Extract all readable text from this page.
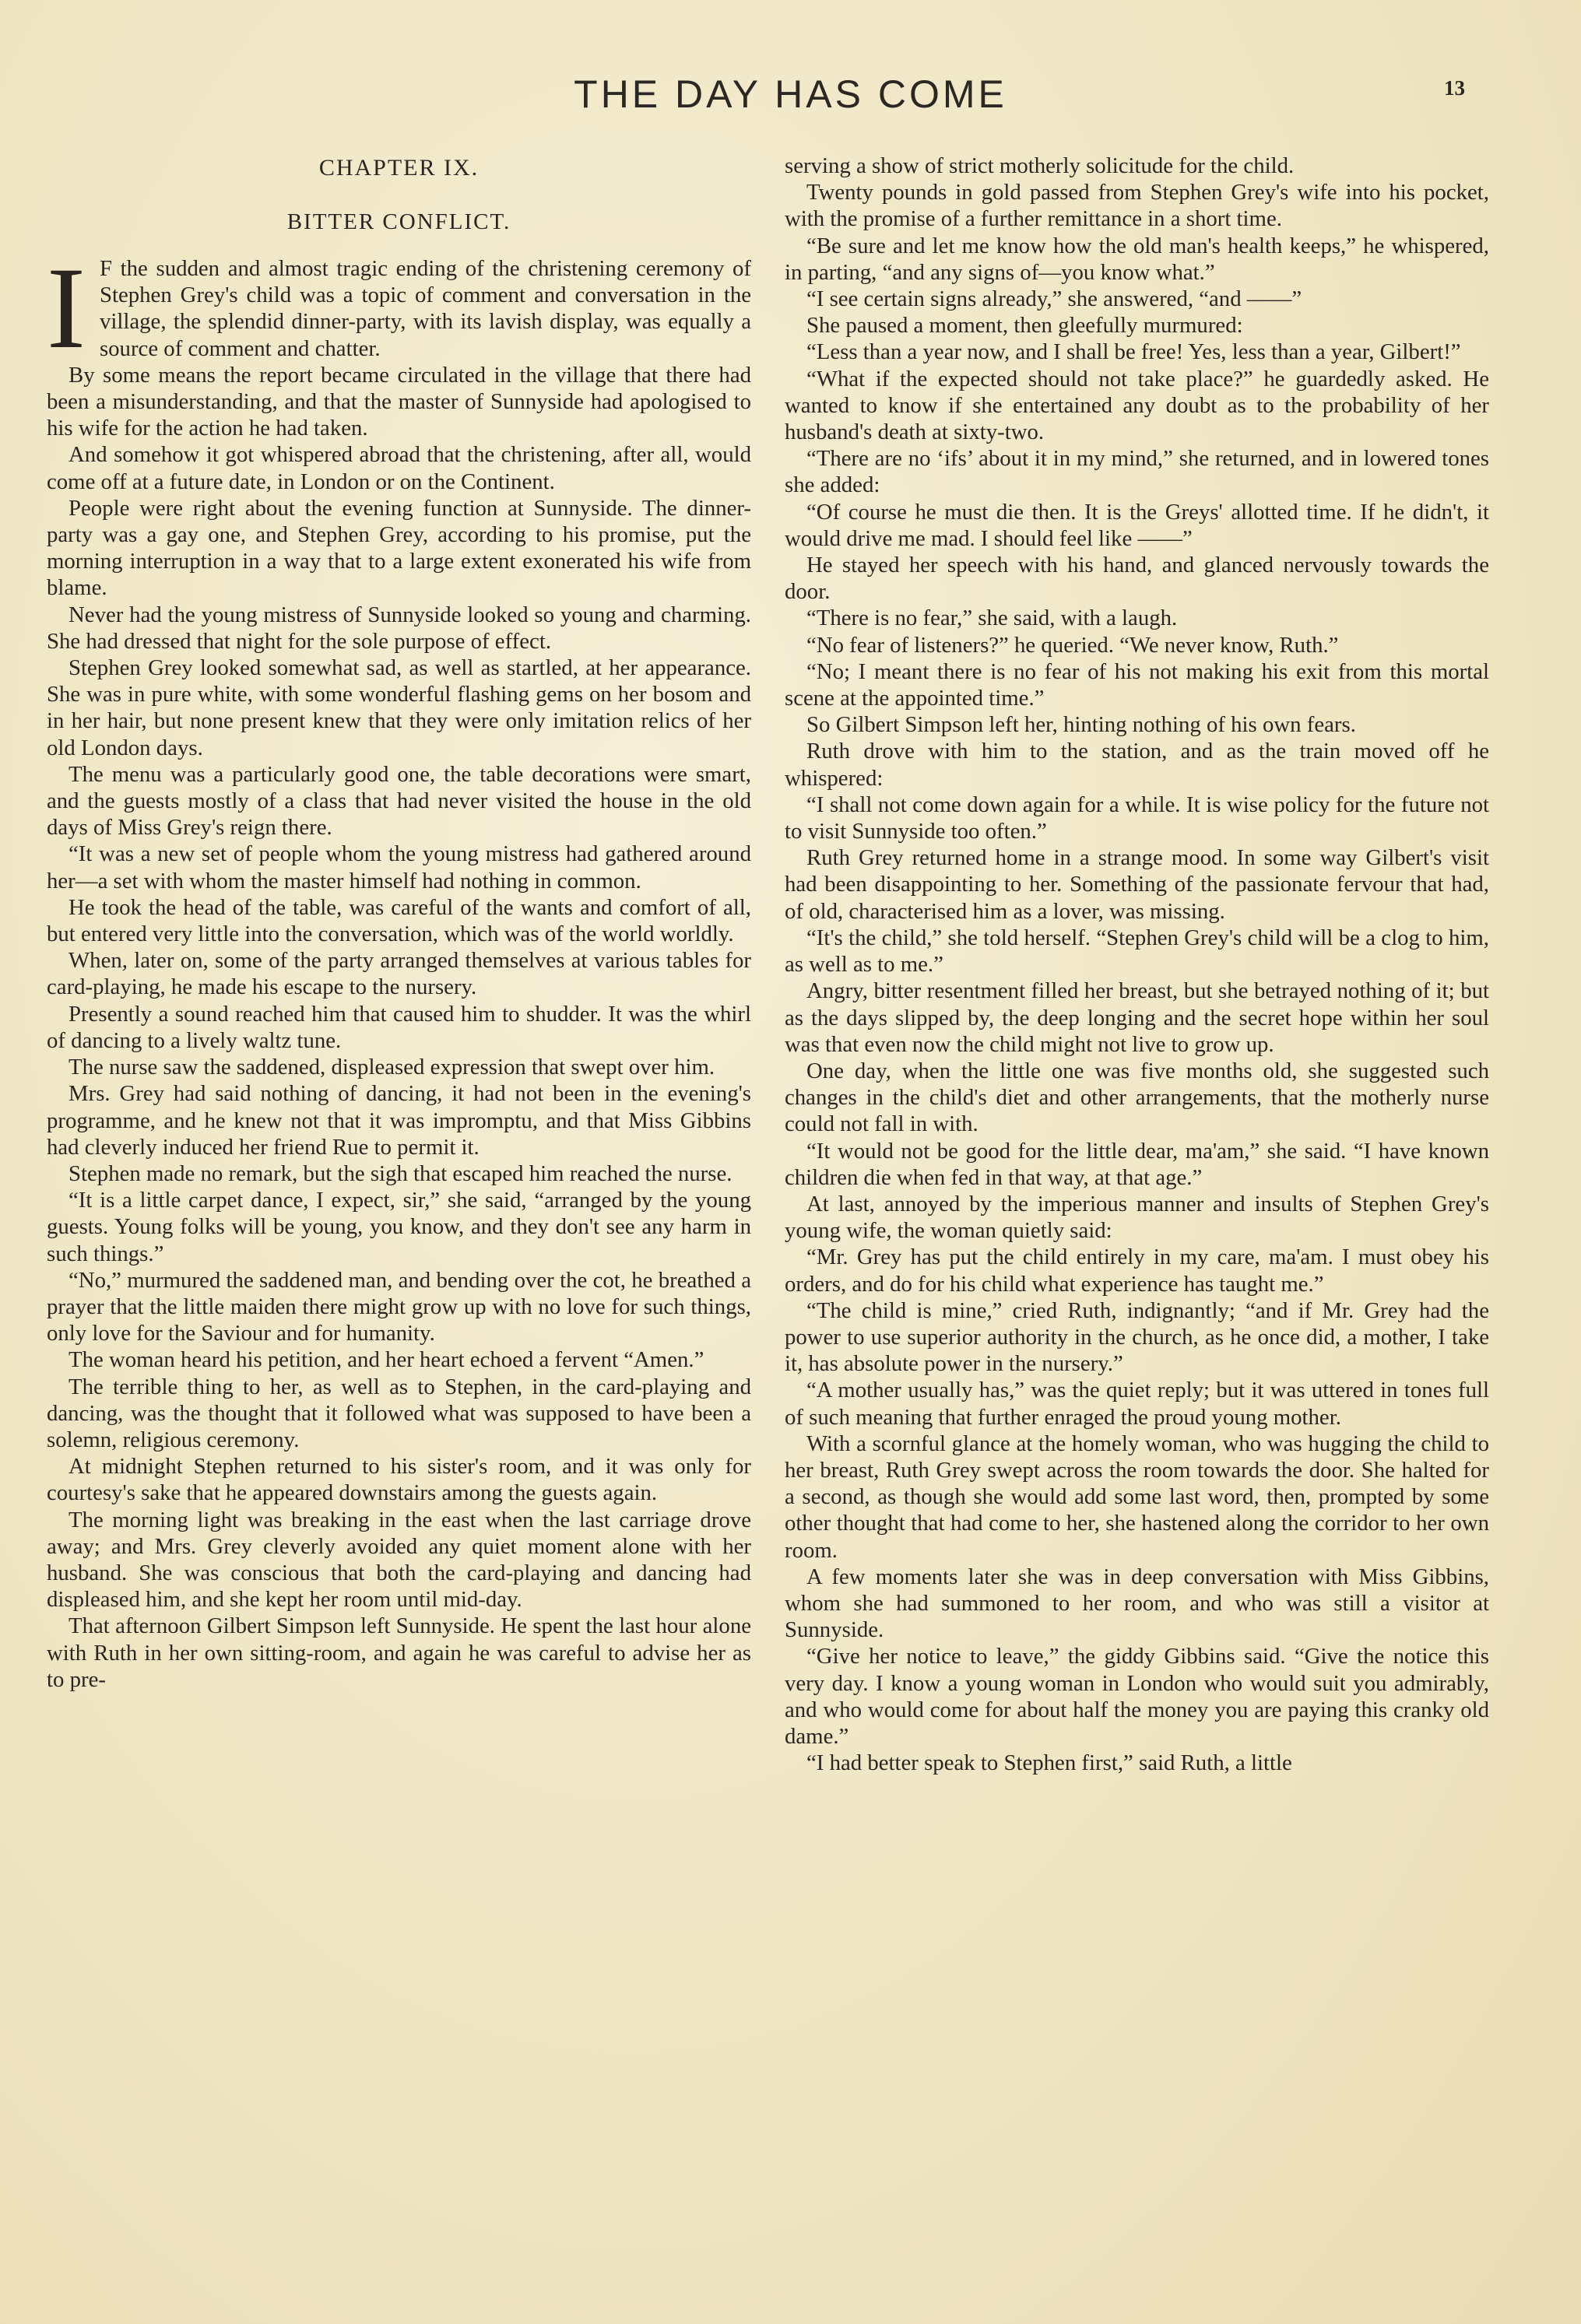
THE DAY HAS COME	13
CHAPTER IX.
BITTER CONFLICT.

I F the sudden and almost tragic ending of the christening ceremony of Stephen Grey's child was a topic of comment and conversation in the village, the splendid dinner-party, with its lavish display, was equally a source of comment and chatter.

By some means the report became circulated in the village that there had been a misunderstanding, and that the master of Sunnyside had apologised to his wife for the action he had taken.

And somehow it got whispered abroad that the christening, after all, would come off at a future date, in London or on the Continent.

People were right about the evening function at Sunnyside. The dinner-party was a gay one, and Stephen Grey, according to his promise, put the morning interruption in a way that to a large extent exonerated his wife from blame.

Never had the young mistress of Sunnyside looked so young and charming. She had dressed that night for the sole purpose of effect.

Stephen Grey looked somewhat sad, as well as startled, at her appearance. She was in pure white, with some wonderful flashing gems on her bosom and in her hair, but none present knew that they were only imitation relics of her old London days.

The menu was a particularly good one, the table decorations were smart, and the guests mostly of a class that had never visited the house in the old days of Miss Grey's reign there.

“It was a new set of people whom the young mistress had gathered around her—a set with whom the master himself had nothing in common.

He took the head of the table, was careful of the wants and comfort of all, but entered very little into the conversation, which was of the world worldly.

When, later on, some of the party arranged themselves at various tables for card-playing, he made his escape to the nursery.

Presently a sound reached him that caused him to shudder. It was the whirl of dancing to a lively waltz tune.

The nurse saw the saddened, displeased expression that swept over him.

Mrs. Grey had said nothing of dancing, it had not been in the evening's programme, and he knew not that it was impromptu, and that Miss Gibbins had cleverly induced her friend Rue to permit it.

Stephen made no remark, but the sigh that escaped him reached the nurse.

“It is a little carpet dance, I expect, sir,” she said, “arranged by the young guests. Young folks will be young, you know, and they don't see any harm in such things.”

“No,” murmured the saddened man, and bending over the cot, he breathed a prayer that the little maiden there might grow up with no love for such things, only love for the Saviour and for humanity.

The woman heard his petition, and her heart echoed a fervent “Amen.”

The terrible thing to her, as well as to Stephen, in the card-playing and dancing, was the thought that it followed what was supposed to have been a solemn, religious ceremony.

At midnight Stephen returned to his sister's room, and it was only for courtesy's sake that he appeared downstairs among the guests again.

The morning light was breaking in the east when the last carriage drove away; and Mrs. Grey cleverly avoided any quiet moment alone with her husband. She was conscious that both the card-playing and dancing had displeased him, and she kept her room until mid-day.

That afternoon Gilbert Simpson left Sunnyside. He spent the last hour alone with Ruth in her own sitting-room, and again he was careful to advise her as to pre-

serving a show of strict motherly solicitude for the child.

Twenty pounds in gold passed from Stephen Grey's wife into his pocket, with the promise of a further remittance in a short time.

“Be sure and let me know how the old man's health keeps,” he whispered, in parting, “and any signs of—you know what.”

“I see certain signs already,” she answered, “and ——”

She paused a moment, then gleefully murmured:

“Less than a year now, and I shall be free! Yes, less than a year, Gilbert!”

“What if the expected should not take place?” he guardedly asked. He wanted to know if she entertained any doubt as to the probability of her husband's death at sixty-two.

“There are no ‘ifs’ about it in my mind,” she returned, and in lowered tones she added:

“Of course he must die then. It is the Greys' allotted time. If he didn't, it would drive me mad. I should feel like ——”

He stayed her speech with his hand, and glanced nervously towards the door.

“There is no fear,” she said, with a laugh.

“No fear of listeners?” he queried. “We never know, Ruth.”

“No; I meant there is no fear of his not making his exit from this mortal scene at the appointed time.”

So Gilbert Simpson left her, hinting nothing of his own fears.

Ruth drove with him to the station, and as the train moved off he whispered:

“I shall not come down again for a while. It is wise policy for the future not to visit Sunnyside too often.”

Ruth Grey returned home in a strange mood. In some way Gilbert's visit had been disappointing to her. Something of the passionate fervour that had, of old, characterised him as a lover, was missing.

“It's the child,” she told herself. “Stephen Grey's child will be a clog to him, as well as to me.”

Angry, bitter resentment filled her breast, but she betrayed nothing of it; but as the days slipped by, the deep longing and the secret hope within her soul was that even now the child might not live to grow up.

One day, when the little one was five months old, she suggested such changes in the child's diet and other arrangements, that the motherly nurse could not fall in with.

“It would not be good for the little dear, ma'am,” she said. “I have known children die when fed in that way, at that age.”

At last, annoyed by the imperious manner and insults of Stephen Grey's young wife, the woman quietly said:

“Mr. Grey has put the child entirely in my care, ma'am. I must obey his orders, and do for his child what experience has taught me.”

“The child is mine,” cried Ruth, indignantly; “and if Mr. Grey had the power to use superior authority in the church, as he once did, a mother, I take it, has absolute power in the nursery.”

“A mother usually has,” was the quiet reply; but it was uttered in tones full of such meaning that further enraged the proud young mother.

With a scornful glance at the homely woman, who was hugging the child to her breast, Ruth Grey swept across the room towards the door. She halted for a second, as though she would add some last word, then, prompted by some other thought that had come to her, she hastened along the corridor to her own room.

A few moments later she was in deep conversation with Miss Gibbins, whom she had summoned to her room, and who was still a visitor at Sunnyside.

“Give her notice to leave,” the giddy Gibbins said. “Give the notice this very day. I know a young woman in London who would suit you admirably, and who would come for about half the money you are paying this cranky old dame.”

“I had better speak to Stephen first,” said Ruth, a little
